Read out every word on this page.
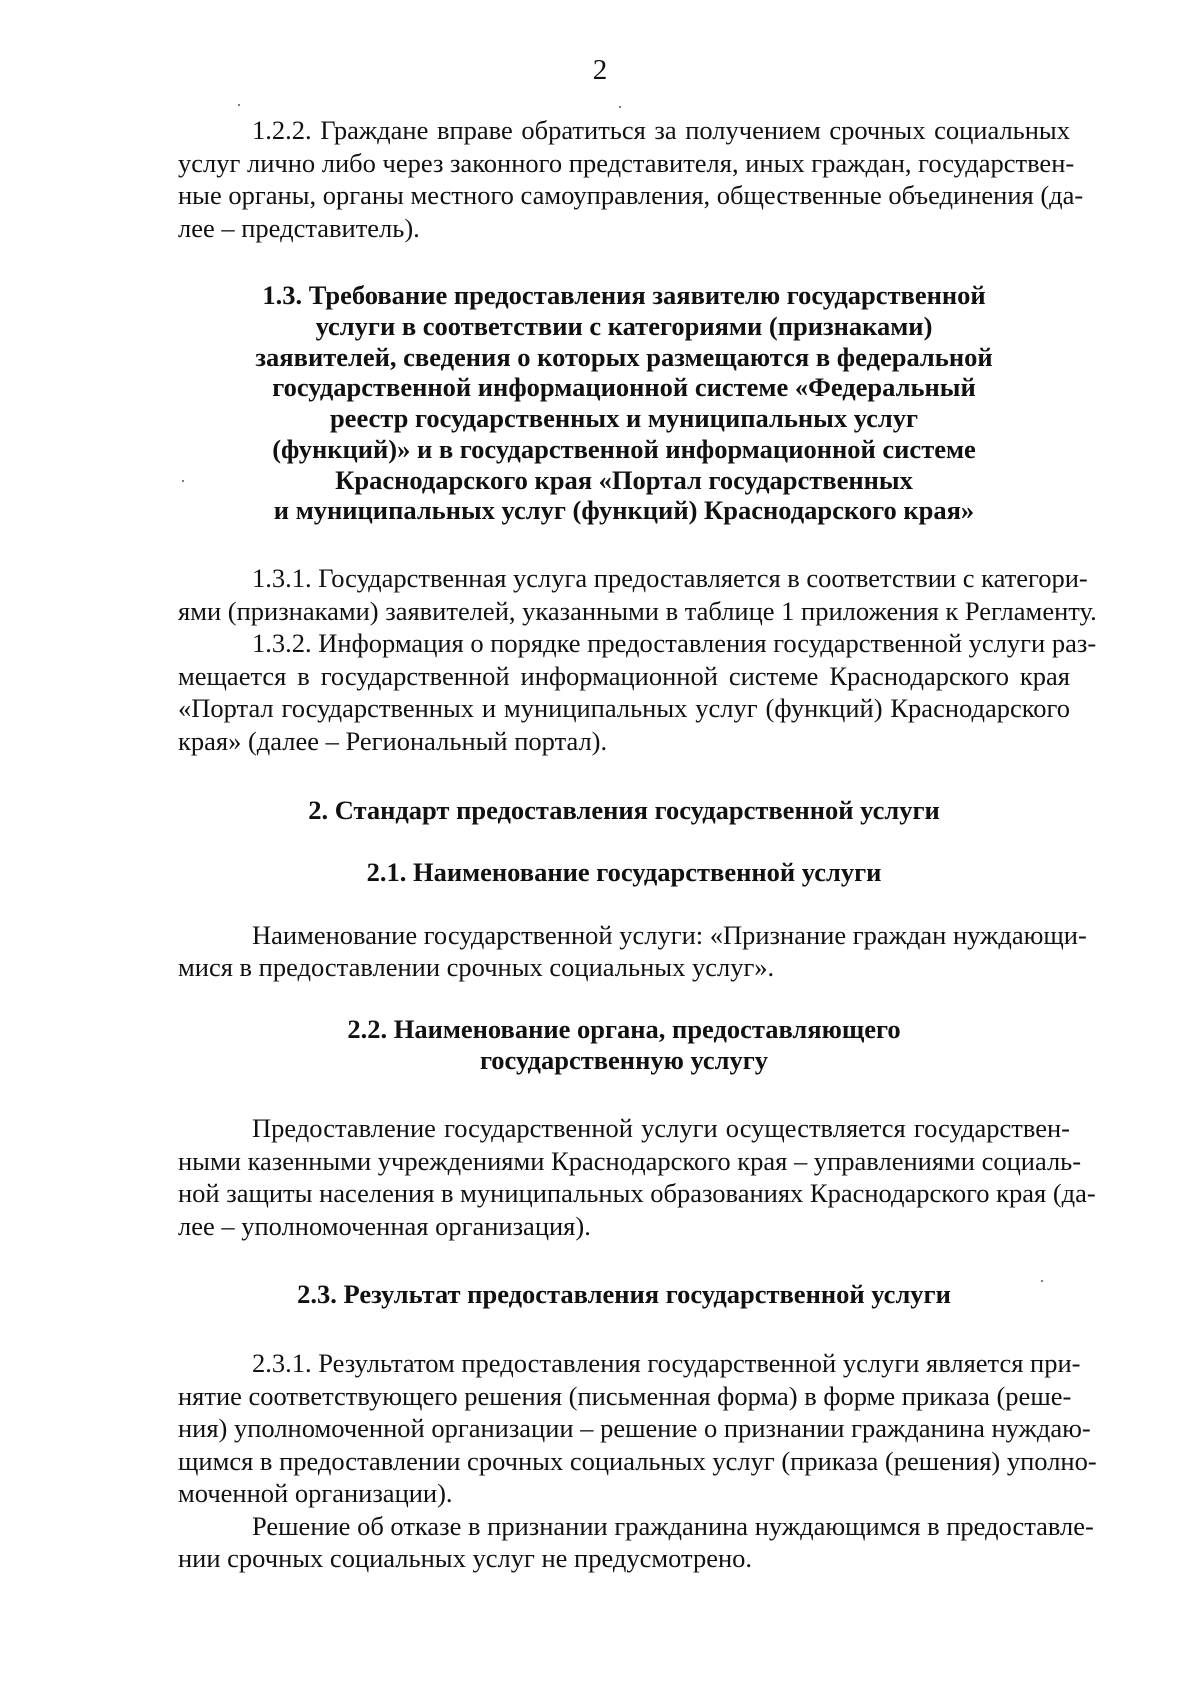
2

1.2.2. Граждане вправе обратиться за получением срочных социальных
услуг лично либо через законного представителя, иных граждан, государствен-
ные органы, органы местного самоуправления, общественные объединения (да-
лее – представитель).

1.3. Требование предоставления заявителю государственной
услуги в соответствии с категориями (признаками)
заявителей, сведения о которых размещаются в федеральной
государственной информационной системе «Федеральный
реестр государственных и муниципальных услуг
(функций)» и в государственной информационной системе
Краснодарского края «Портал государственных
и муниципальных услуг (функций) Краснодарского края»

1.3.1. Государственная услуга предоставляется в соответствии с категори-
ями (признаками) заявителей, указанными в таблице 1 приложения к Регламенту.

1.3.2. Информация о порядке предоставления государственной услуги раз-
мещается в государственной информационной системе Краснодарского края
«Портал государственных и муниципальных услуг (функций) Краснодарского
края» (далее – Региональный портал).

2. Стандарт предоставления государственной услуги
2.1. Наименование государственной услуги

Наименование государственной услуги: «Признание граждан нуждающи-
мися в предоставлении срочных социальных услуг».

2.2. Наименование органа, предоставляющего
государственную услугу

Предоставление государственной услуги осуществляется государствен-
ными казенными учреждениями Краснодарского края – управлениями социаль-
ной защиты населения в муниципальных образованиях Краснодарского края (да-
лее – уполномоченная организация).

2.3. Результат предоставления государственной услуги

2.3.1. Результатом предоставления государственной услуги является при-
нятие соответствующего решения (письменная форма) в форме приказа (реше-
ния) уполномоченной организации – решение о признании гражданина нуждаю-
щимся в предоставлении срочных социальных услуг (приказа (решения) уполно-
моченной организации).

Решение об отказе в признании гражданина нуждающимся в предоставле-
нии срочных социальных услуг не предусмотрено.
